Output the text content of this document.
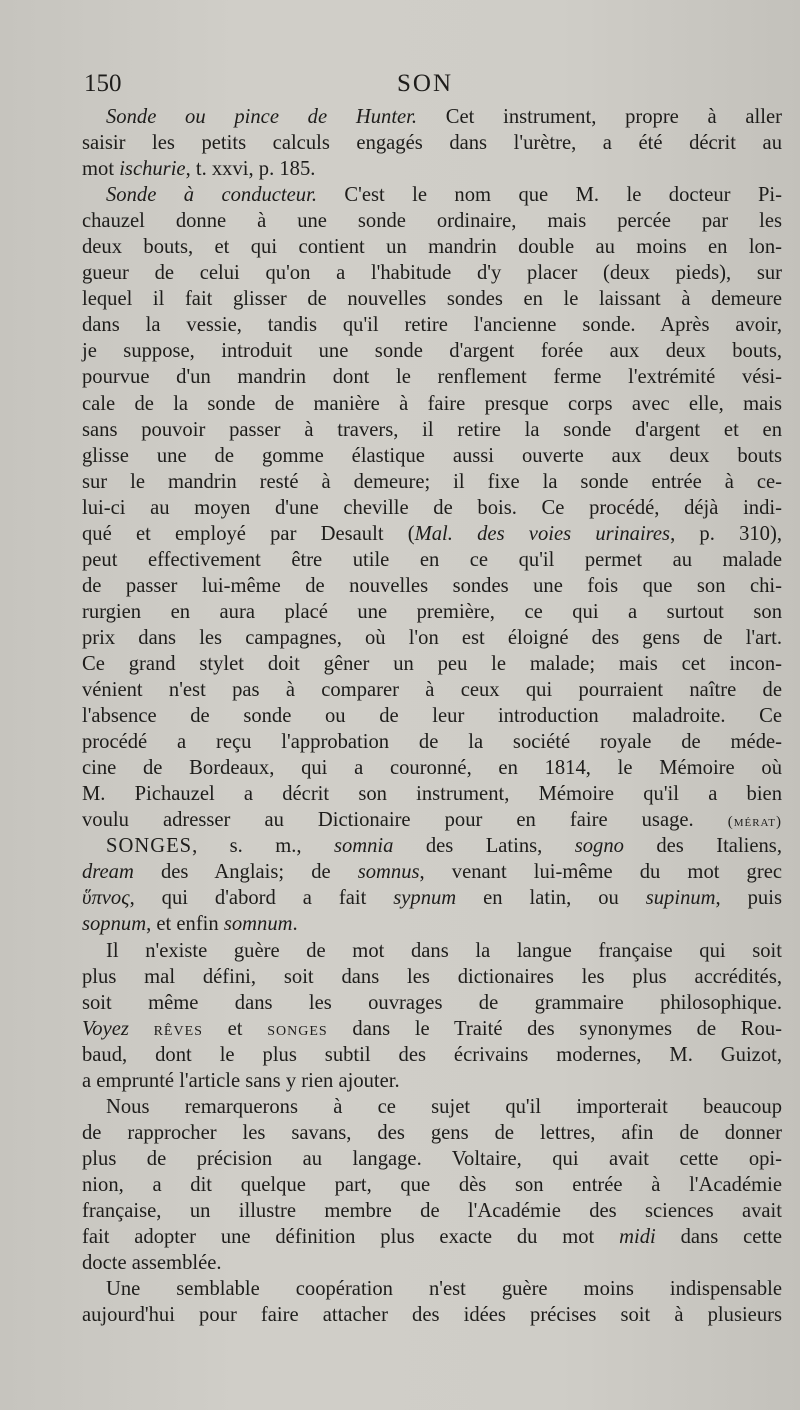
150	SON
Sonde ou pince de Hunter. Cet instrument, propre à aller
saisir les petits calculs engagés dans l'urètre, a été décrit au
mot ischurie, t. xxvi, p. 185.
Sonde à conducteur. C'est le nom que M. le docteur Pi-
chauzel donne à une sonde ordinaire, mais percée par les
deux bouts, et qui contient un mandrin double au moins en lon-
gueur de celui qu'on a l'habitude d'y placer (deux pieds), sur
lequel il fait glisser de nouvelles sondes en le laissant à demeure
dans la vessie, tandis qu'il retire l'ancienne sonde. Après avoir,
je suppose, introduit une sonde d'argent forée aux deux bouts,
pourvue d'un mandrin dont le renflement ferme l'extrémité vési-
cale de la sonde de manière à faire presque corps avec elle, mais
sans pouvoir passer à travers, il retire la sonde d'argent et en
glisse une de gomme élastique aussi ouverte aux deux bouts
sur le mandrin resté à demeure; il fixe la sonde entrée à ce-
lui-ci au moyen d'une cheville de bois. Ce procédé, déjà indi-
qué et employé par Desault (Mal. des voies urinaires, p. 310),
peut effectivement être utile en ce qu'il permet au malade
de passer lui-même de nouvelles sondes une fois que son chi-
rurgien en aura placé une première, ce qui a surtout son
prix dans les campagnes, où l'on est éloigné des gens de l'art.
Ce grand stylet doit gêner un peu le malade; mais cet incon-
vénient n'est pas à comparer à ceux qui pourraient naître de
l'absence de sonde ou de leur introduction maladroite. Ce
procédé a reçu l'approbation de la société royale de méde-
cine de Bordeaux, qui a couronné, en 1814, le Mémoire où
M. Pichauzel a décrit son instrument, Mémoire qu'il a bien
voulu adresser au Dictionaire pour en faire usage. (mérat)
SONGES, s. m., somnia des Latins, sogno des Italiens,
dream des Anglais; de somnus, venant lui-même du mot grec
ὕπνος, qui d'abord a fait sypnum en latin, ou supinum, puis
sopnum, et enfin somnum.
Il n'existe guère de mot dans la langue française qui soit
plus mal défini, soit dans les dictionaires les plus accrédités,
soit même dans les ouvrages de grammaire philosophique.
Voyez rêves et songes dans le Traité des synonymes de Rou-
baud, dont le plus subtil des écrivains modernes, M. Guizot,
a emprunté l'article sans y rien ajouter.
Nous remarquerons à ce sujet qu'il importerait beaucoup
de rapprocher les savans, des gens de lettres, afin de donner
plus de précision au langage. Voltaire, qui avait cette opi-
nion, a dit quelque part, que dès son entrée à l'Académie
française, un illustre membre de l'Académie des sciences avait
fait adopter une définition plus exacte du mot midi dans cette
docte assemblée.
Une semblable coopération n'est guère moins indispensable
aujourd'hui pour faire attacher des idées précises soit à plusieurs
